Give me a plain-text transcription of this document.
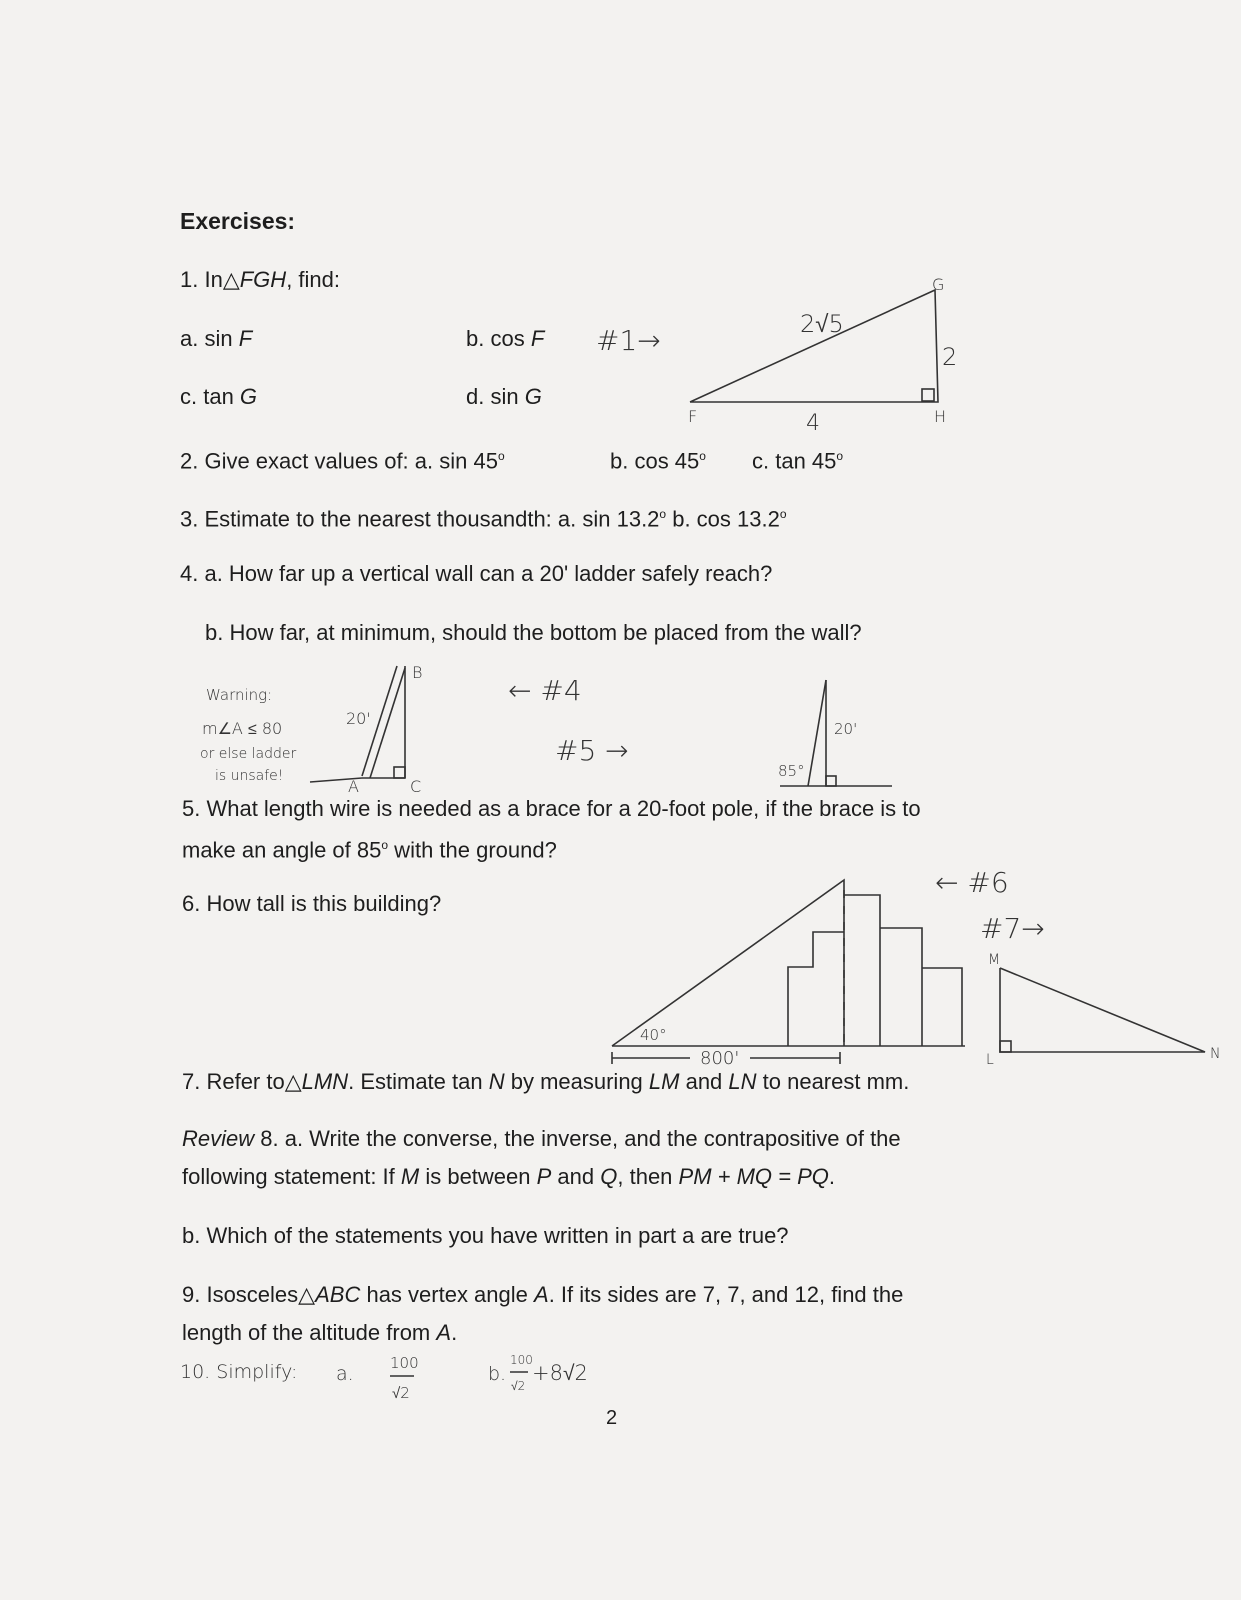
Exercises:
1. In△FGH, find:
a. sin F	b. cos F
c. tan G	d. sin G
2. Give exact values of: a. sin 45$^o$	b. cos 45$^o$ c. tan 45$^o$
3. Estimate to the nearest thousandth: a. sin 13.2$^o$ b. cos 13.2$^o$
4. a. How far up a vertical wall can a 20' ladder safely reach?
b. How far, at minimum, should the bottom be placed from the wall?
5. What length wire is needed as a brace for a 20-foot pole, if the brace is to
make an angle of 85$^o$ with the ground?
6. How tall is this building?
7. Refer to△LMN. Estimate tan N by measuring LM and LN to nearest mm.
Review 8. a. Write the converse, the inverse, and the contrapositive of the
following statement: If M is between P and Q, then PM + MQ = PQ.
b. Which of the statements you have written in part a are true?
9. Isosceles△ABC has vertex angle A. If its sides are 7, 7, and 12, find the
length of the altitude from A.
2
#1→	2√5
2
4
G
H
F
B
A	C
20'
Warning:
m∠A ≤ 80
or else ladder
is unsafe!
← #4
#5 →
20'
85°
40°
800'
← #6
#7→
M
L	N
10. Simplify: a. 100
√2
b.
100
√2
+8√2
